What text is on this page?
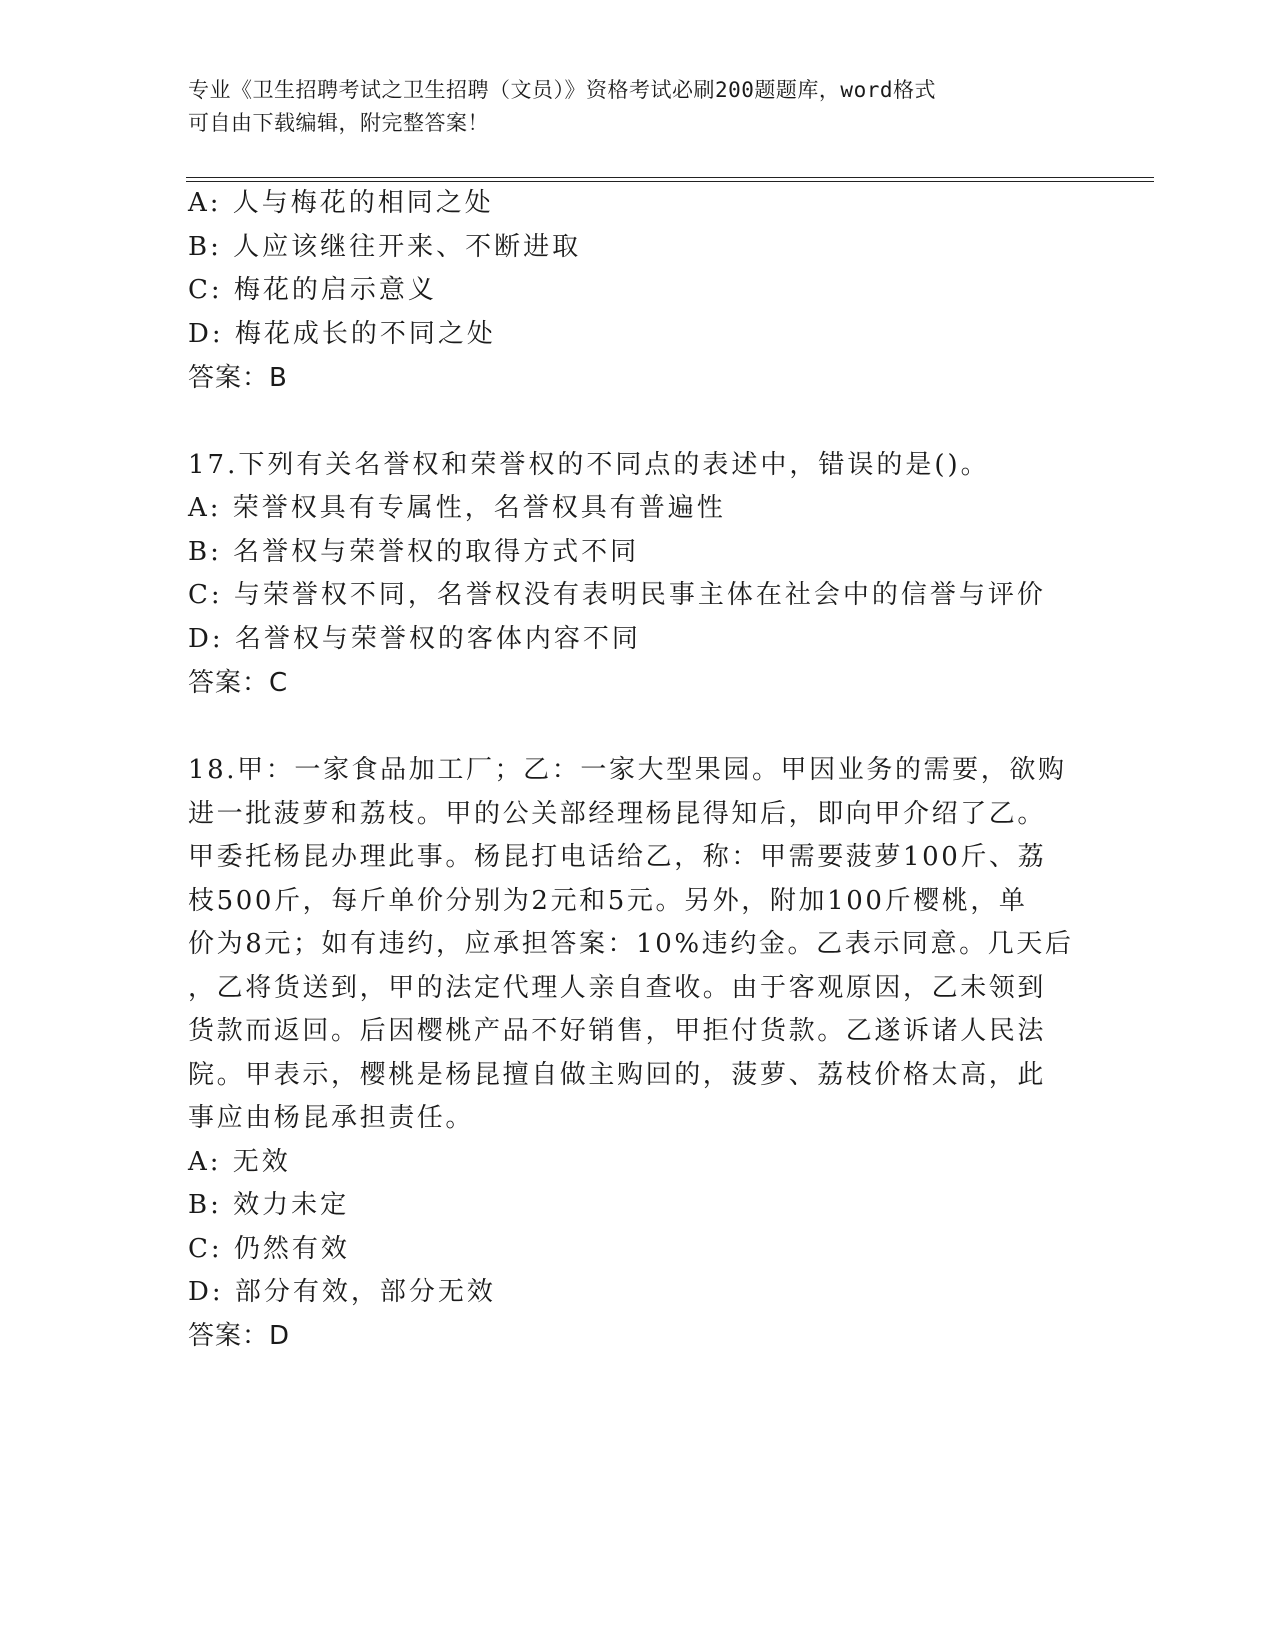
专业《卫生招聘考试之卫生招聘（文员）》资格考试必刷200题题库，word格式
可自由下载编辑，附完整答案！
A: 人与梅花的相同之处
B: 人应该继往开来、不断进取
C: 梅花的启示意义
D: 梅花成长的不同之处
答案：B
17.下列有关名誉权和荣誉权的不同点的表述中，错误的是()。
A: 荣誉权具有专属性，名誉权具有普遍性
B: 名誉权与荣誉权的取得方式不同
C: 与荣誉权不同，名誉权没有表明民事主体在社会中的信誉与评价
D: 名誉权与荣誉权的客体内容不同
答案：C
18.甲：一家食品加工厂；乙：一家大型果园。甲因业务的需要，欲购
进一批菠萝和荔枝。甲的公关部经理杨昆得知后，即向甲介绍了乙。
甲委托杨昆办理此事。杨昆打电话给乙，称：甲需要菠萝100斤、荔
枝500斤，每斤单价分别为2元和5元。另外，附加100斤樱桃，单
价为8元；如有违约，应承担答案：10%违约金。乙表示同意。几天后
，乙将货送到，甲的法定代理人亲自查收。由于客观原因，乙未领到
货款而返回。后因樱桃产品不好销售，甲拒付货款。乙遂诉诸人民法
院。甲表示，樱桃是杨昆擅自做主购回的，菠萝、荔枝价格太高，此
事应由杨昆承担责任。
A: 无效
B: 效力未定
C: 仍然有效
D: 部分有效，部分无效
答案：D
